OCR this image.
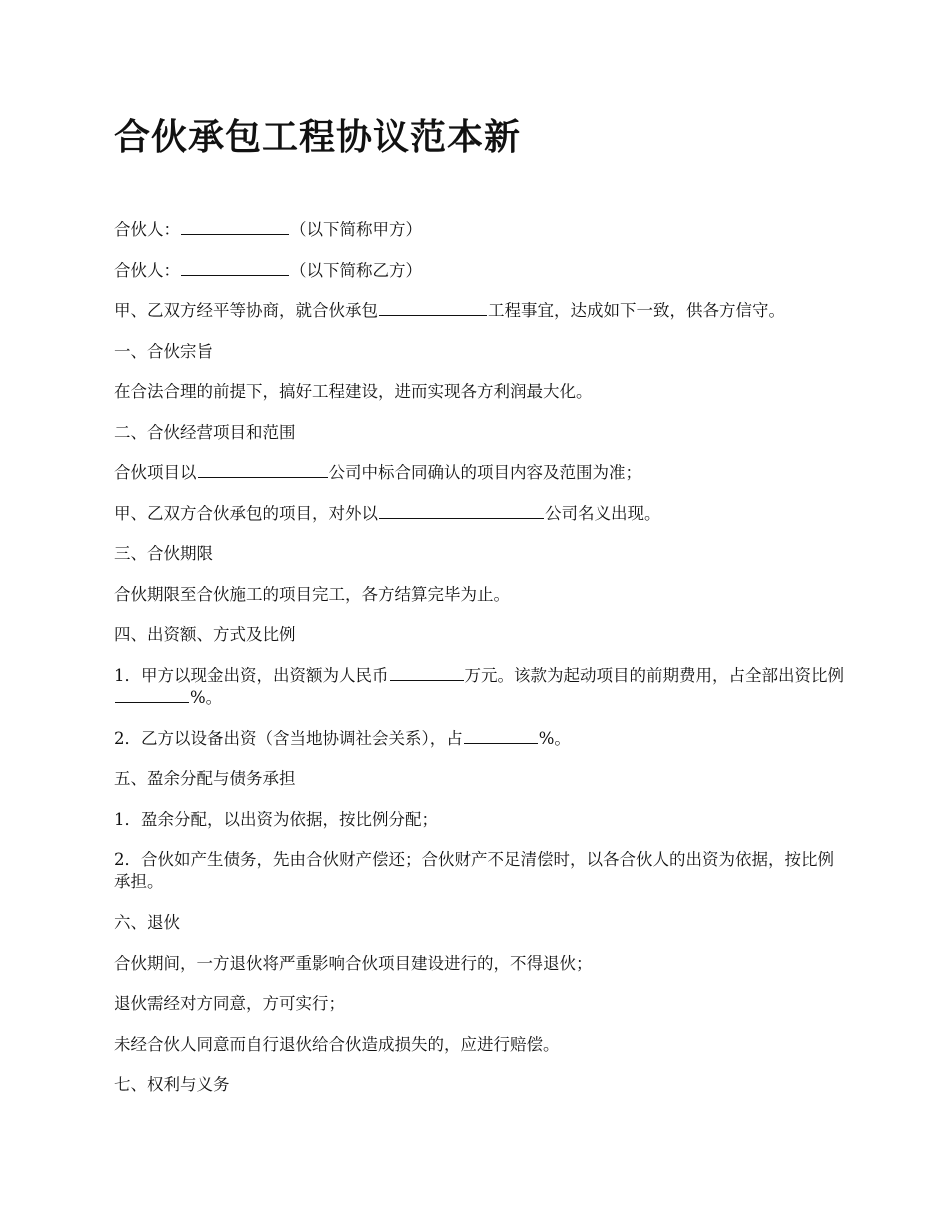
合伙承包工程协议范本新

合伙人：	（以下简称甲方）

合伙人：	（以下简称乙方）

甲、乙双方经平等协商，就合伙承包	工程事宜，达成如下一致，供各方信守。

一、合伙宗旨

在合法合理的前提下，搞好工程建设，进而实现各方利润最大化。

二、合伙经营项目和范围

合伙项目以	公司中标合同确认的项目内容及范围为准；

甲、乙双方合伙承包的项目，对外以	公司名义出现。

三、合伙期限

合伙期限至合伙施工的项目完工，各方结算完毕为止。

四、出资额、方式及比例

1．甲方以现金出资，出资额为人民币	万元。该款为起动项目的前期费用，占全部出资比例%。

2．乙方以设备出资（含当地协调社会关系），占	%。

五、盈余分配与债务承担

1．盈余分配，以出资为依据，按比例分配；

2．合伙如产生债务，先由合伙财产偿还；合伙财产不足清偿时，以各合伙人的出资为依据，按比例承担。

六、退伙

合伙期间，一方退伙将严重影响合伙项目建设进行的，不得退伙；

退伙需经对方同意，方可实行；

未经合伙人同意而自行退伙给合伙造成损失的，应进行赔偿。

七、权利与义务
